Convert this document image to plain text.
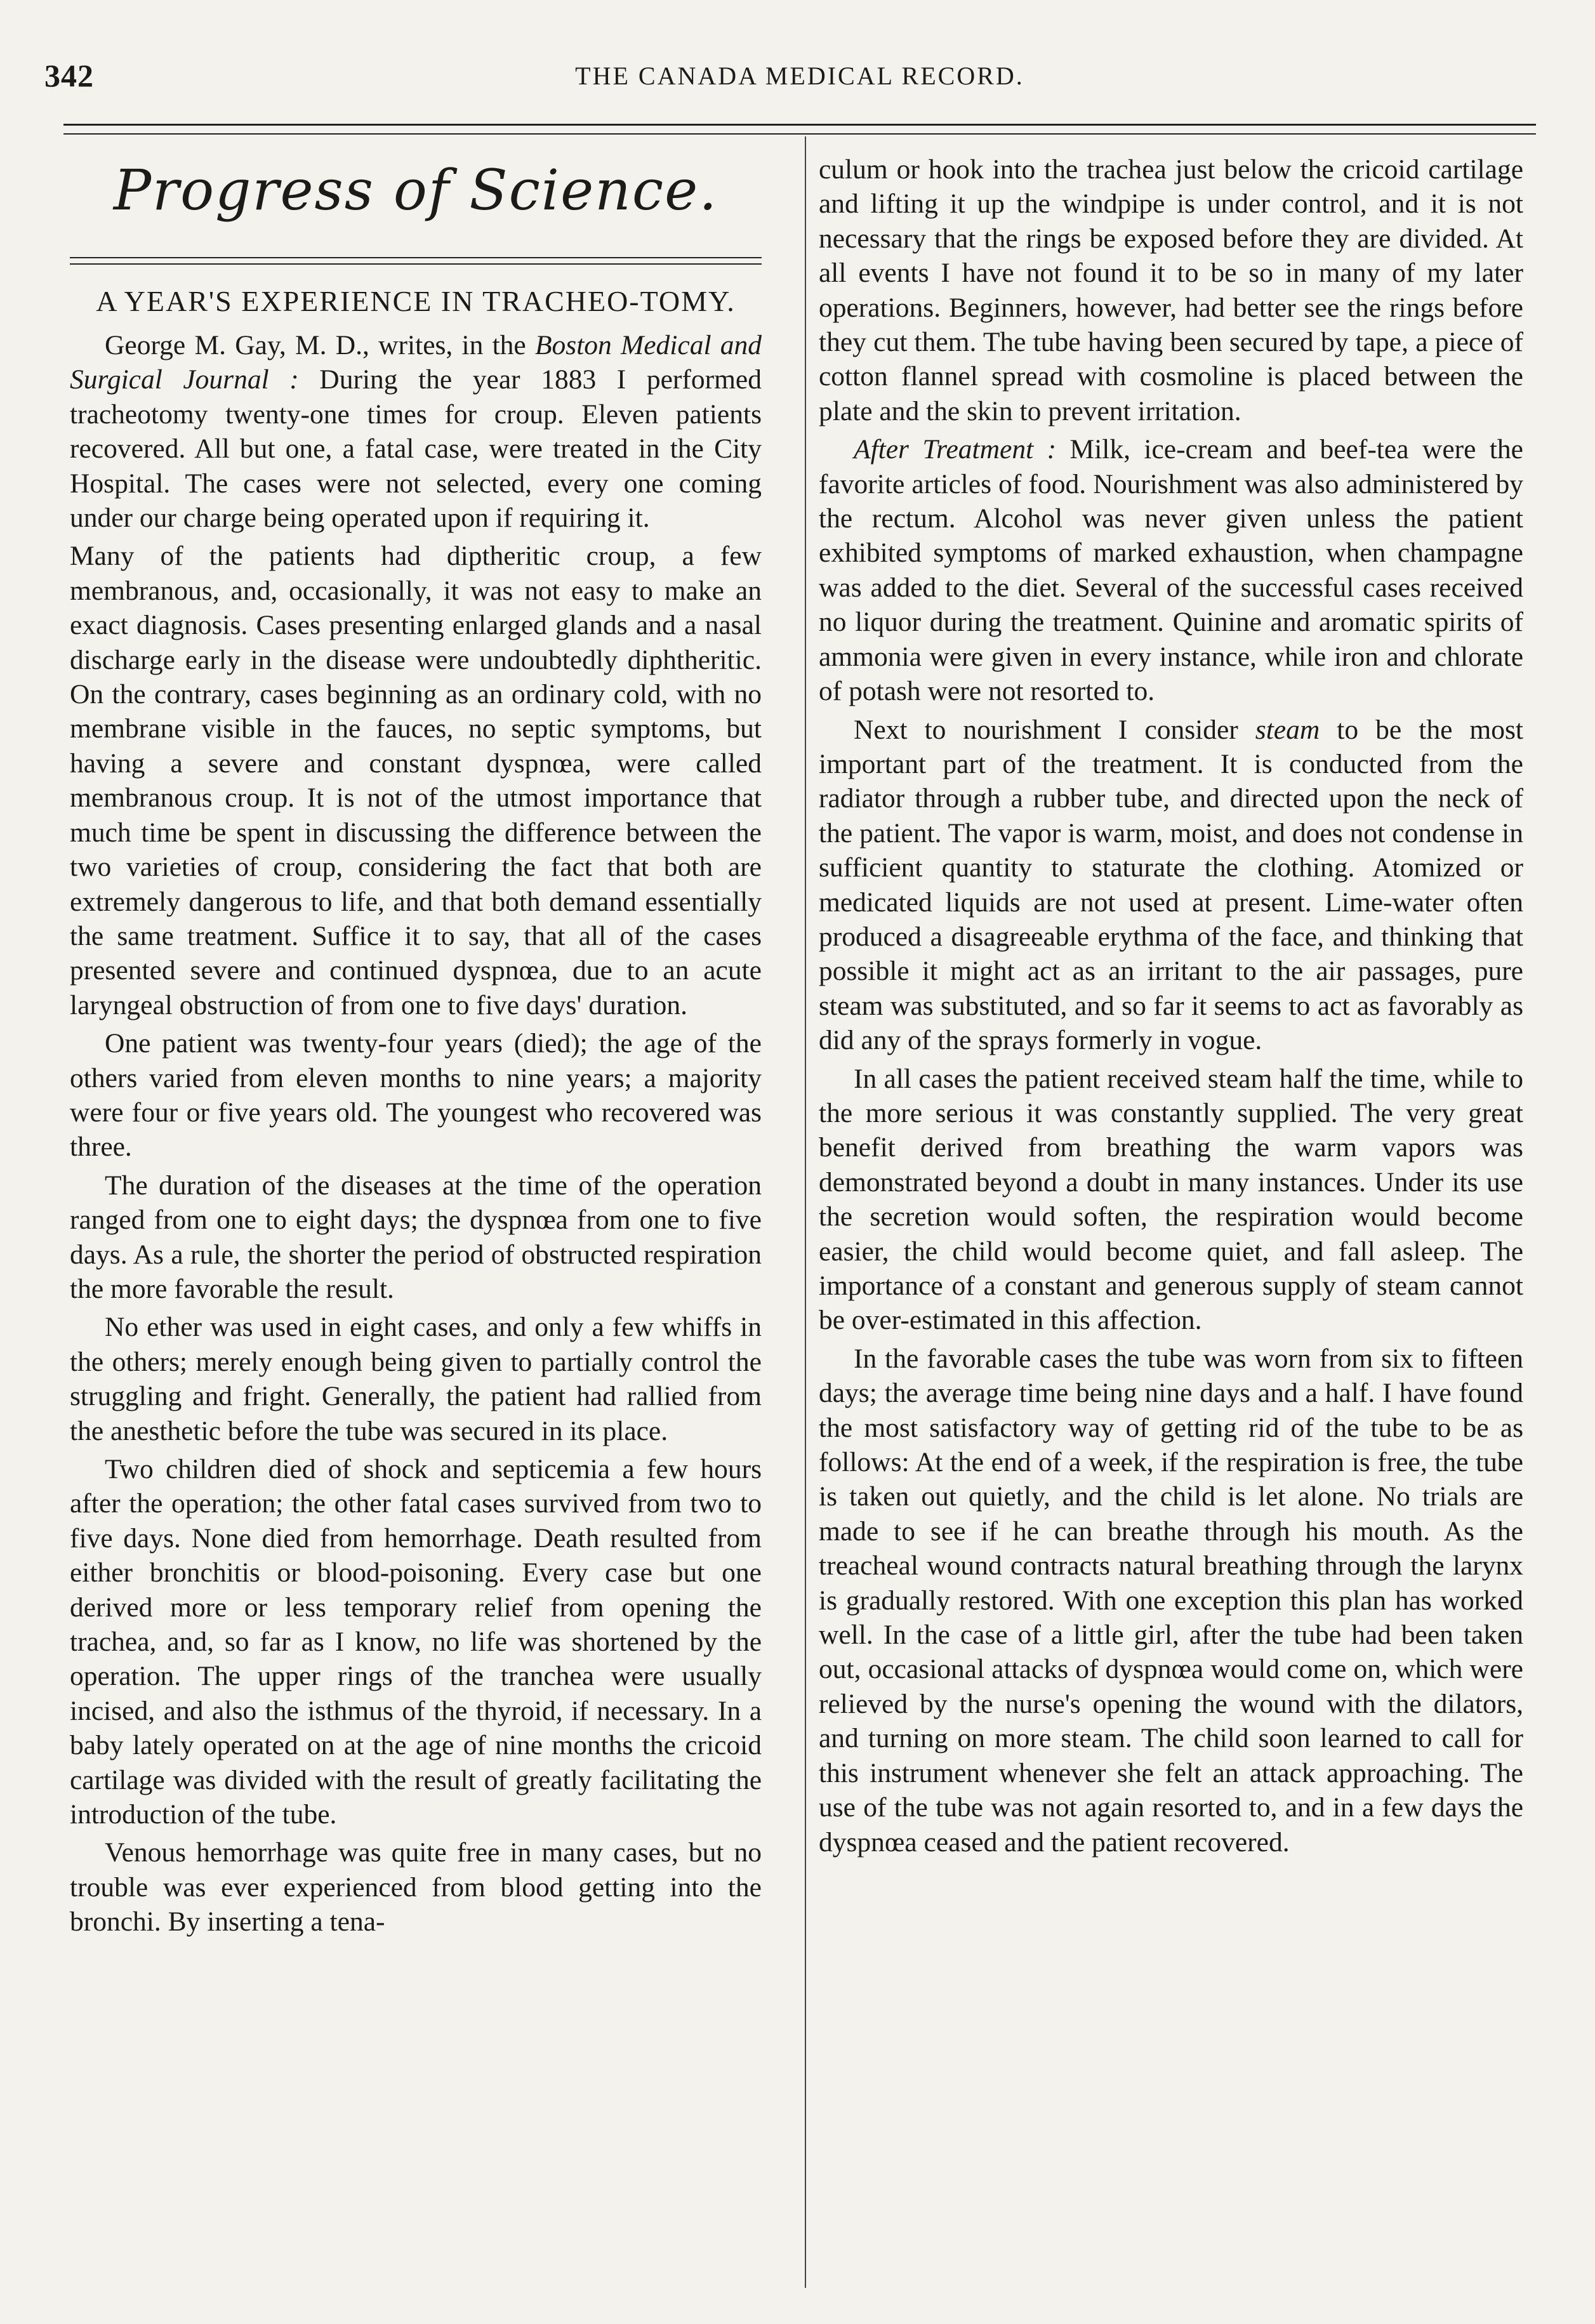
342	THE CANADA MEDICAL RECORD.
Progress of Science.
A YEAR'S EXPERIENCE IN TRACHEO-TOMY.

George M. Gay, M. D., writes, in the Boston Medical and Surgical Journal : During the year 1883 I performed tracheotomy twenty-one times for croup. Eleven patients recovered. All but one, a fatal case, were treated in the City Hospital. The cases were not selected, every one coming under our charge being operated upon if requiring it.

Many of the patients had diptheritic croup, a few membranous, and, occasionally, it was not easy to make an exact diagnosis. Cases presenting enlarged glands and a nasal discharge early in the disease were undoubtedly diphtheritic. On the contrary, cases beginning as an ordinary cold, with no membrane visible in the fauces, no septic symptoms, but having a severe and constant dyspnœa, were called membranous croup. It is not of the utmost importance that much time be spent in discussing the difference between the two varieties of croup, considering the fact that both are extremely dangerous to life, and that both demand essentially the same treatment. Suffice it to say, that all of the cases presented severe and continued dyspnœa, due to an acute laryngeal obstruction of from one to five days' duration.

One patient was twenty-four years (died); the age of the others varied from eleven months to nine years; a majority were four or five years old. The youngest who recovered was three.

The duration of the diseases at the time of the operation ranged from one to eight days; the dyspnœa from one to five days. As a rule, the shorter the period of obstructed respiration the more favorable the result.

No ether was used in eight cases, and only a few whiffs in the others; merely enough being given to partially control the struggling and fright. Generally, the patient had rallied from the anesthetic before the tube was secured in its place.

Two children died of shock and septicemia a few hours after the operation; the other fatal cases survived from two to five days. None died from hemorrhage. Death resulted from either bronchitis or blood-poisoning. Every case but one derived more or less temporary relief from opening the trachea, and, so far as I know, no life was shortened by the operation. The upper rings of the tranchea were usually incised, and also the isthmus of the thyroid, if necessary. In a baby lately operated on at the age of nine months the cricoid cartilage was divided with the result of greatly facilitating the introduction of the tube.

Venous hemorrhage was quite free in many cases, but no trouble was ever experienced from blood getting into the bronchi. By inserting a tena-

culum or hook into the trachea just below the cricoid cartilage and lifting it up the windpipe is under control, and it is not necessary that the rings be exposed before they are divided. At all events I have not found it to be so in many of my later operations. Beginners, however, had better see the rings before they cut them. The tube having been secured by tape, a piece of cotton flannel spread with cosmoline is placed between the plate and the skin to prevent irritation.

After Treatment : Milk, ice-cream and beef-tea were the favorite articles of food. Nourishment was also administered by the rectum. Alcohol was never given unless the patient exhibited symptoms of marked exhaustion, when champagne was added to the diet. Several of the successful cases received no liquor during the treatment. Quinine and aromatic spirits of ammonia were given in every instance, while iron and chlorate of potash were not resorted to.

Next to nourishment I consider steam to be the most important part of the treatment. It is conducted from the radiator through a rubber tube, and directed upon the neck of the patient. The vapor is warm, moist, and does not condense in sufficient quantity to staturate the clothing. Atomized or medicated liquids are not used at present. Lime-water often produced a disagreeable erythma of the face, and thinking that possible it might act as an irritant to the air passages, pure steam was substituted, and so far it seems to act as favorably as did any of the sprays formerly in vogue.

In all cases the patient received steam half the time, while to the more serious it was constantly supplied. The very great benefit derived from breathing the warm vapors was demonstrated beyond a doubt in many instances. Under its use the secretion would soften, the respiration would become easier, the child would become quiet, and fall asleep. The importance of a constant and generous supply of steam cannot be over-estimated in this affection.

In the favorable cases the tube was worn from six to fifteen days; the average time being nine days and a half. I have found the most satisfactory way of getting rid of the tube to be as follows: At the end of a week, if the respiration is free, the tube is taken out quietly, and the child is let alone. No trials are made to see if he can breathe through his mouth. As the treacheal wound contracts natural breathing through the larynx is gradually restored. With one exception this plan has worked well. In the case of a little girl, after the tube had been taken out, occasional attacks of dyspnœa would come on, which were relieved by the nurse's opening the wound with the dilators, and turning on more steam. The child soon learned to call for this instrument whenever she felt an attack approaching. The use of the tube was not again resorted to, and in a few days the dyspnœa ceased and the patient recovered.
